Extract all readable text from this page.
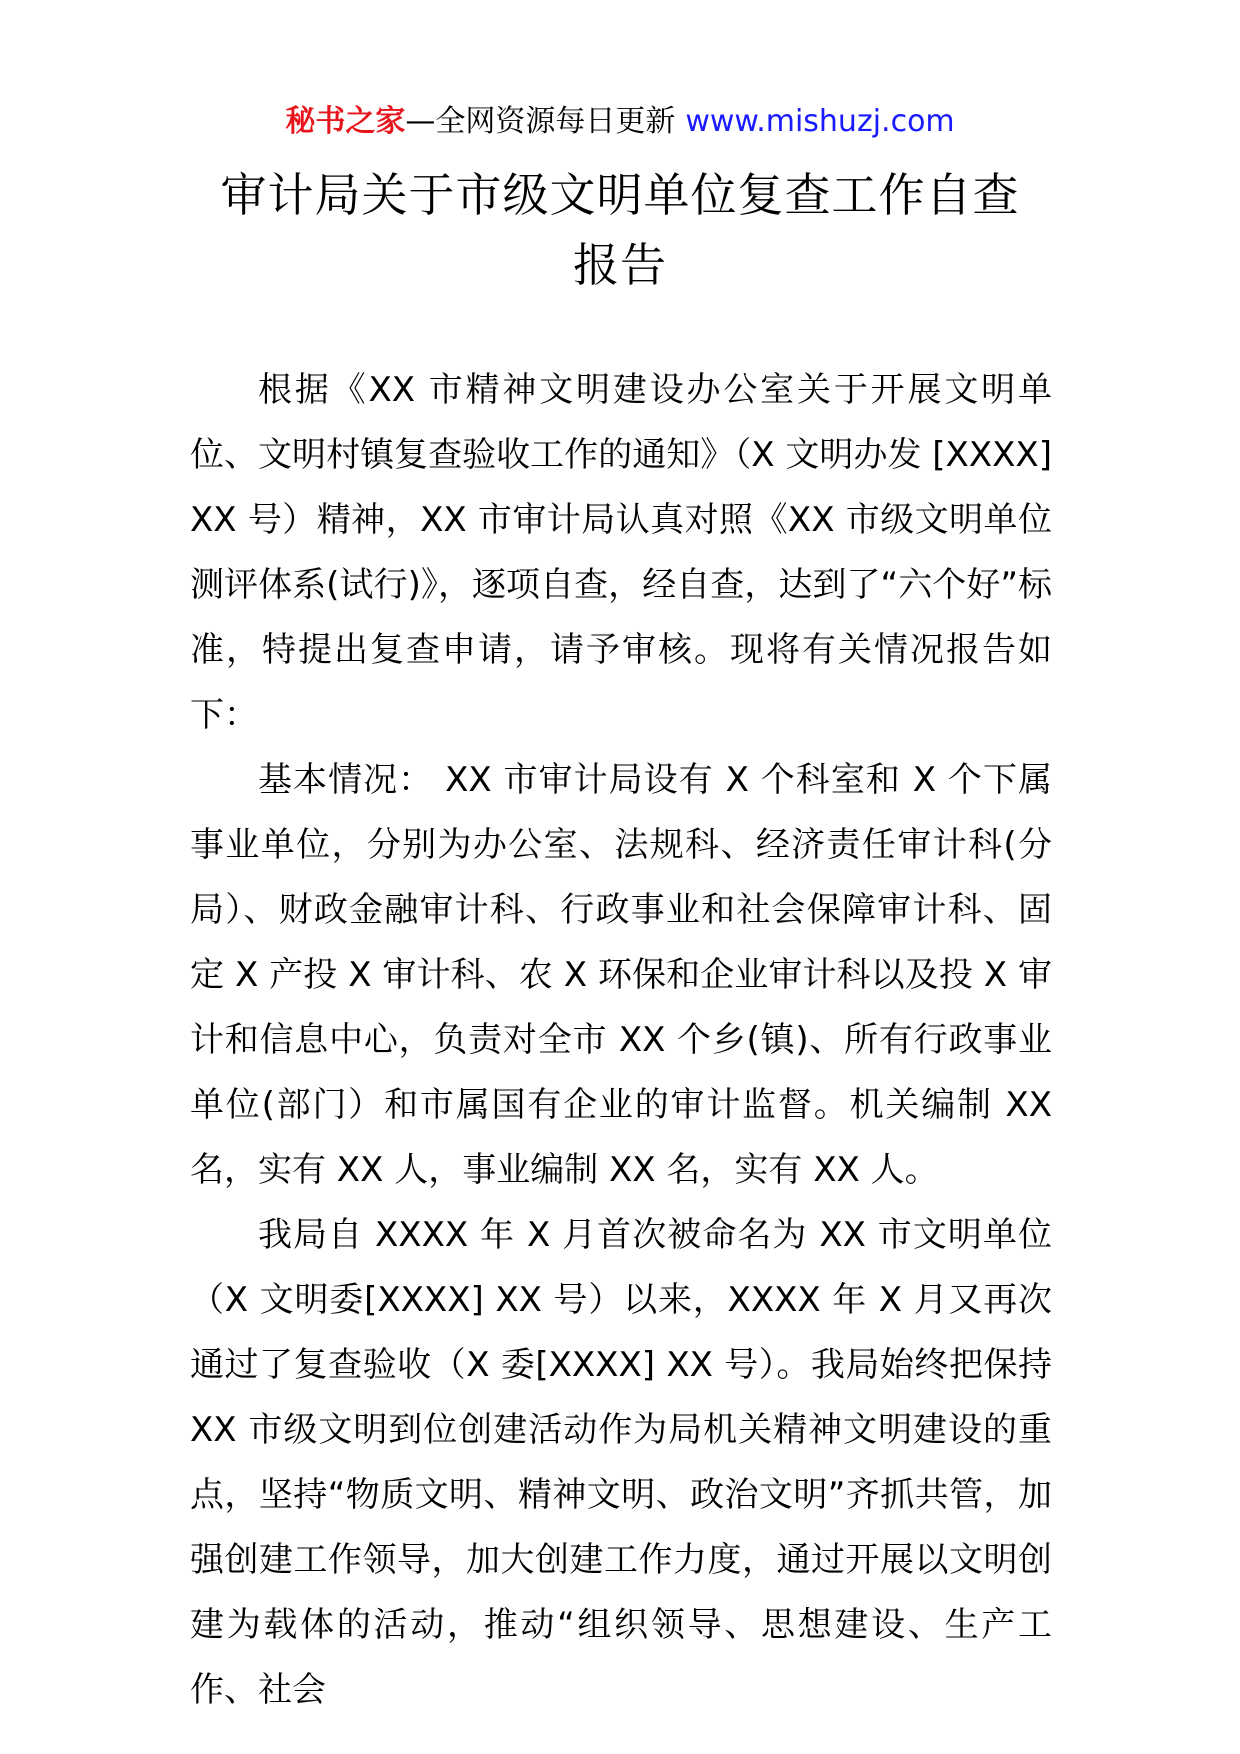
秘书之家—全网资源每日更新 www.mishuzj.com
审计局关于市级文明单位复查工作自查
报告

根据《XX 市精神文明建设办公室关于开展文明单位、文明村镇复查验收工作的通知》（X 文明办发 [XXXX] XX 号）精神，XX 市审计局认真对照《XX 市级文明单位测评体系(试行)》，逐项自查，经自查，达到了“六个好”标准，特提出复查申请，请予审核。现将有关情况报告如下：

基本情况： XX 市审计局设有 X 个科室和 X 个下属事业单位，分别为办公室、法规科、经济责任审计科(分局）、财政金融审计科、行政事业和社会保障审计科、固定 X 产投 X 审计科、农 X 环保和企业审计科以及投 X 审计和信息中心，负责对全市 XX 个乡(镇)、所有行政事业单位(部门）和市属国有企业的审计监督。机关编制 XX 名，实有 XX 人，事业编制 XX 名，实有 XX 人。

我局自 XXXX 年 X 月首次被命名为 XX 市文明单位（X 文明委[XXXX] XX 号）以来，XXXX 年 X 月又再次通过了复查验收（X 委[XXXX] XX 号）。我局始终把保持 XX 市级文明到位创建活动作为局机关精神文明建设的重点，坚持“物质文明、精神文明、政治文明”齐抓共管，加强创建工作领导，加大创建工作力度，通过开展以文明创建为载体的活动，推动“组织领导、思想建设、生产工作、社会
